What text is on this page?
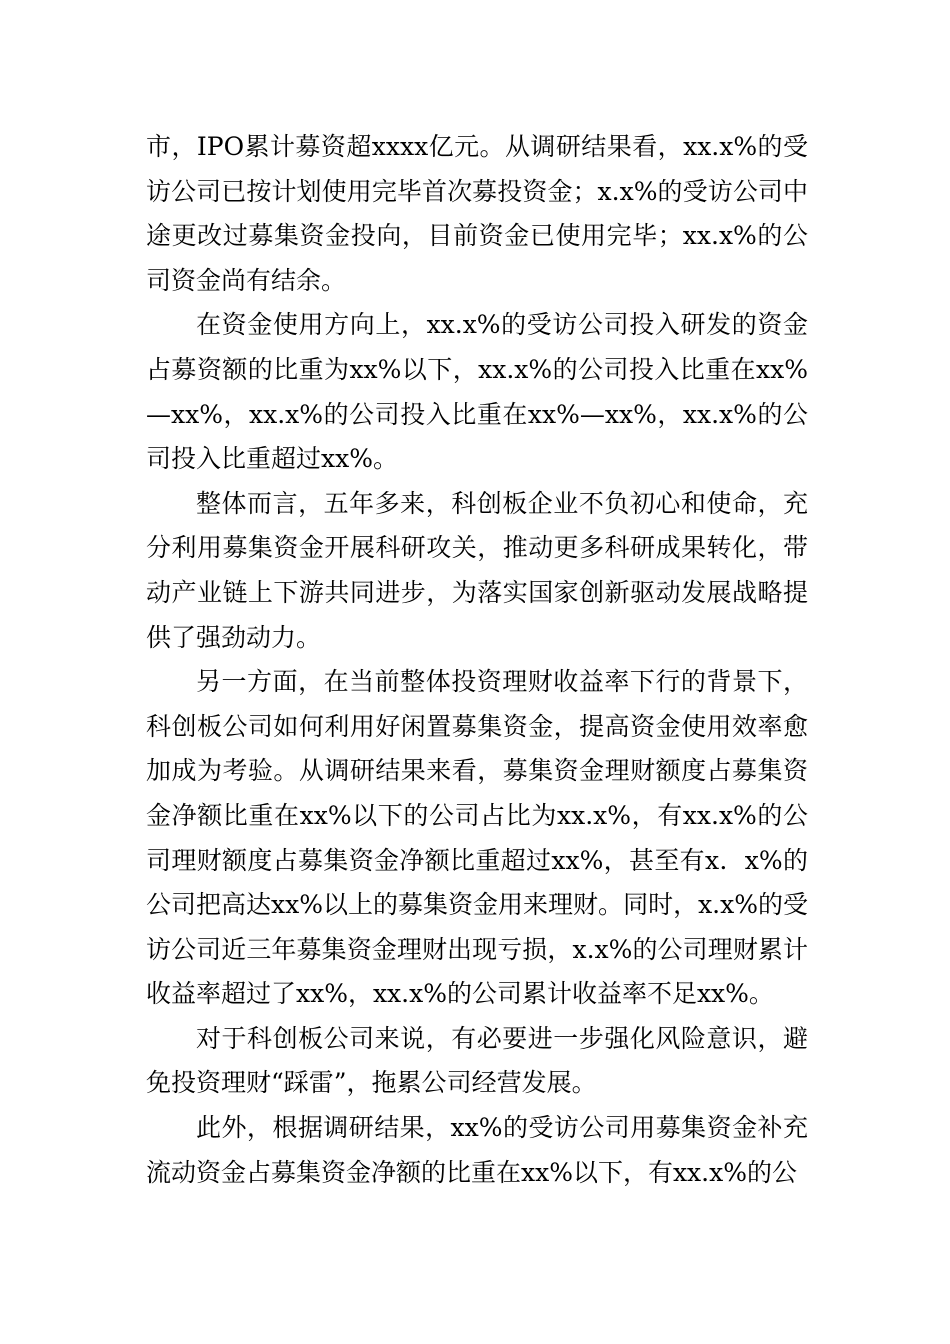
市，IPO累计募资超xxxx亿元。从调研结果看，xx.x%的受访公司已按计划使用完毕首次募投资金；x.x%的受访公司中途更改过募集资金投向，目前资金已使用完毕；xx.x%的公司资金尚有结余。

在资金使用方向上，xx.x%的受访公司投入研发的资金占募资额的比重为xx%以下，xx.x%的公司投入比重在xx%—xx%，xx.x%的公司投入比重在xx%—xx%，xx.x%的公司投入比重超过xx%。

整体而言，五年多来，科创板企业不负初心和使命，充分利用募集资金开展科研攻关，推动更多科研成果转化，带动产业链上下游共同进步，为落实国家创新驱动发展战略提供了强劲动力。

另一方面，在当前整体投资理财收益率下行的背景下，科创板公司如何利用好闲置募集资金，提高资金使用效率愈加成为考验。从调研结果来看，募集资金理财额度占募集资金净额比重在xx%以下的公司占比为xx.x%，有xx.x%的公司理财额度占募集资金净额比重超过xx%，甚至有x．x%的公司把高达xx%以上的募集资金用来理财。同时，x.x%的受访公司近三年募集资金理财出现亏损，x.x%的公司理财累计收益率超过了xx%，xx.x%的公司累计收益率不足xx%。

对于科创板公司来说，有必要进一步强化风险意识，避免投资理财“踩雷”，拖累公司经营发展。

此外，根据调研结果，xx%的受访公司用募集资金补充流动资金占募集资金净额的比重在xx%以下，有xx.x%的公
